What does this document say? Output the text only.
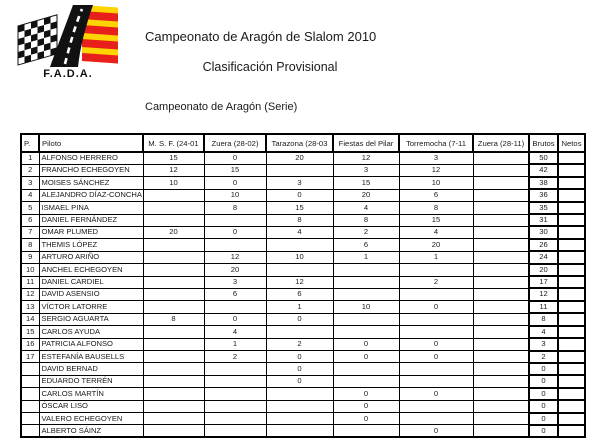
F.A.D.A.
Campeonato de Aragón de Slalom 2010
Clasificación Provisional
Campeonato de Aragón (Serie)
P.	Piloto	M. S. F. (24-01	Zuera (28-02)	Tarazona (28-03	Fiestas del Pilar	Torremocha (7-11	Zuera (28-11)	Brutos	Netos
1	ALFONSO HERRERO	15	0	20	12	3		50	
2	FRANCHO ECHEGOYEN	12	15		3	12		42	
3	MOISES SÁNCHEZ	10	0	3	15	10		38	
4	ALEJANDRO DÍAZ-CONCHA		10	0	20	6		36	
5	ISMAEL PINA		8	15	4	8		35	
6	DANIEL FERNÁNDEZ			8	8	15		31	
7	OMAR PLUMED	20	0	4	2	4		30	
8	THEMIS LÓPEZ				6	20		26	
9	ARTURO ARIÑO		12	10	1	1		24	
10	ANCHEL ECHEGOYEN		20					20	
11	DANIEL CARDIEL		3	12		2		17	
12	DAVID ASENSIO		6	6				12	
13	VÍCTOR LATORRE			1	10	0		11	
14	SERGIO AGUARTA	8	0	0				8	
15	CARLOS AYUDA		4					4	
16	PATRICIA ALFONSO		1	2	0	0		3	
17	ESTEFANÍA BAUSELLS		2	0	0	0		2	
	DAVID BERNAD			0				0	
	EDUARDO TERRÉN			0				0	
	CARLOS MARTÍN				0	0		0	
	ÓSCAR LISO				0			0	
	VALERO ECHEGOYEN				0			0	
	ALBERTO SÁINZ					0		0	
